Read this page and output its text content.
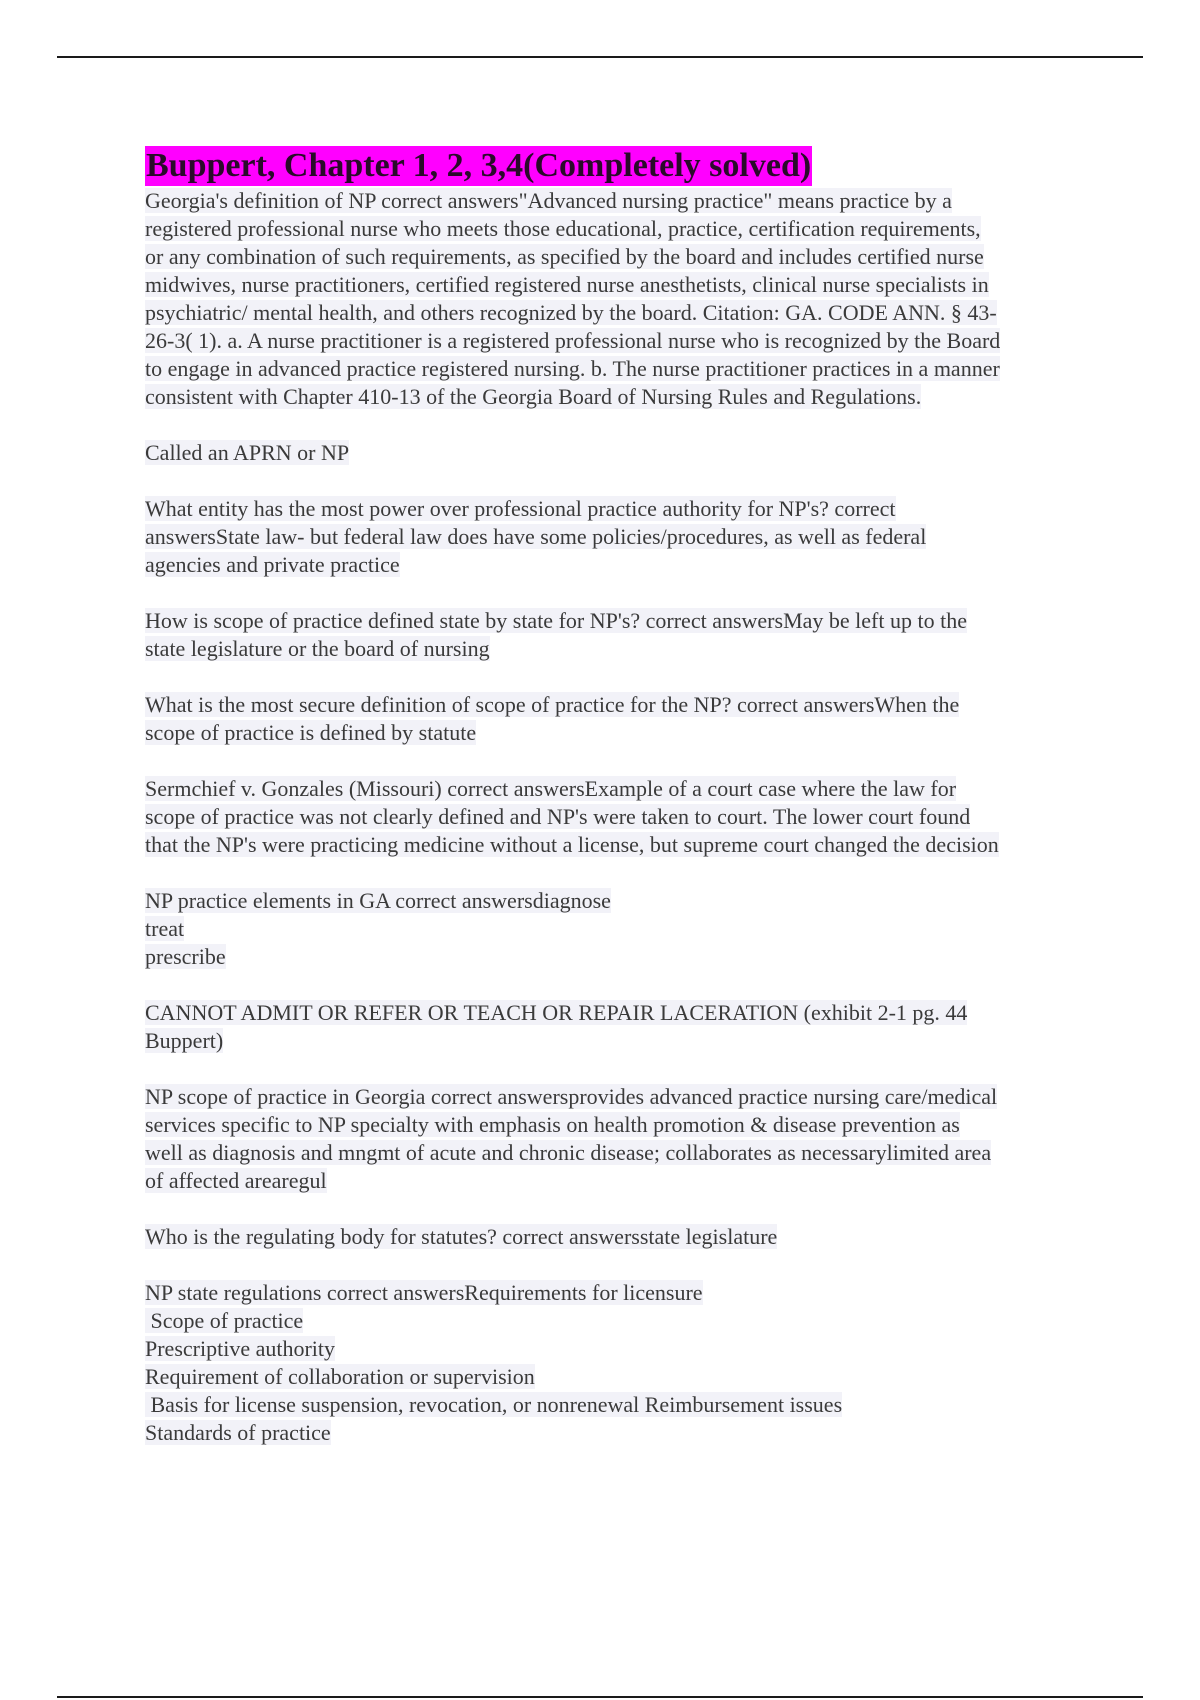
Buppert, Chapter 1, 2, 3,4(Completely solved)
Georgia's definition of NP correct answers"Advanced nursing practice" means practice by a
registered professional nurse who meets those educational, practice, certification requirements,
or any combination of such requirements, as specified by the board and includes certified nurse
midwives, nurse practitioners, certified registered nurse anesthetists, clinical nurse specialists in
psychiatric/ mental health, and others recognized by the board. Citation: GA. CODE ANN. § 43-
26-3( 1). a. A nurse practitioner is a registered professional nurse who is recognized by the Board
to engage in advanced practice registered nursing. b. The nurse practitioner practices in a manner
consistent with Chapter 410-13 of the Georgia Board of Nursing Rules and Regulations.
Called an APRN or NP
What entity has the most power over professional practice authority for NP's? correct
answersState law- but federal law does have some policies/procedures, as well as federal
agencies and private practice
How is scope of practice defined state by state for NP's? correct answersMay be left up to the
state legislature or the board of nursing
What is the most secure definition of scope of practice for the NP? correct answersWhen the
scope of practice is defined by statute
Sermchief v. Gonzales (Missouri) correct answersExample of a court case where the law for
scope of practice was not clearly defined and NP's were taken to court. The lower court found
that the NP's were practicing medicine without a license, but supreme court changed the decision
NP practice elements in GA correct answersdiagnose
treat
prescribe
CANNOT ADMIT OR REFER OR TEACH OR REPAIR LACERATION (exhibit 2-1 pg. 44
Buppert)
NP scope of practice in Georgia correct answersprovides advanced practice nursing care/medical
services specific to NP specialty with emphasis on health promotion & disease prevention as
well as diagnosis and mngmt of acute and chronic disease; collaborates as necessarylimited area
of affected arearegul
Who is the regulating body for statutes? correct answersstate legislature
NP state regulations correct answersRequirements for licensure
Scope of practice
Prescriptive authority
Requirement of collaboration or supervision
Basis for license suspension, revocation, or nonrenewal Reimbursement issues
Standards of practice
